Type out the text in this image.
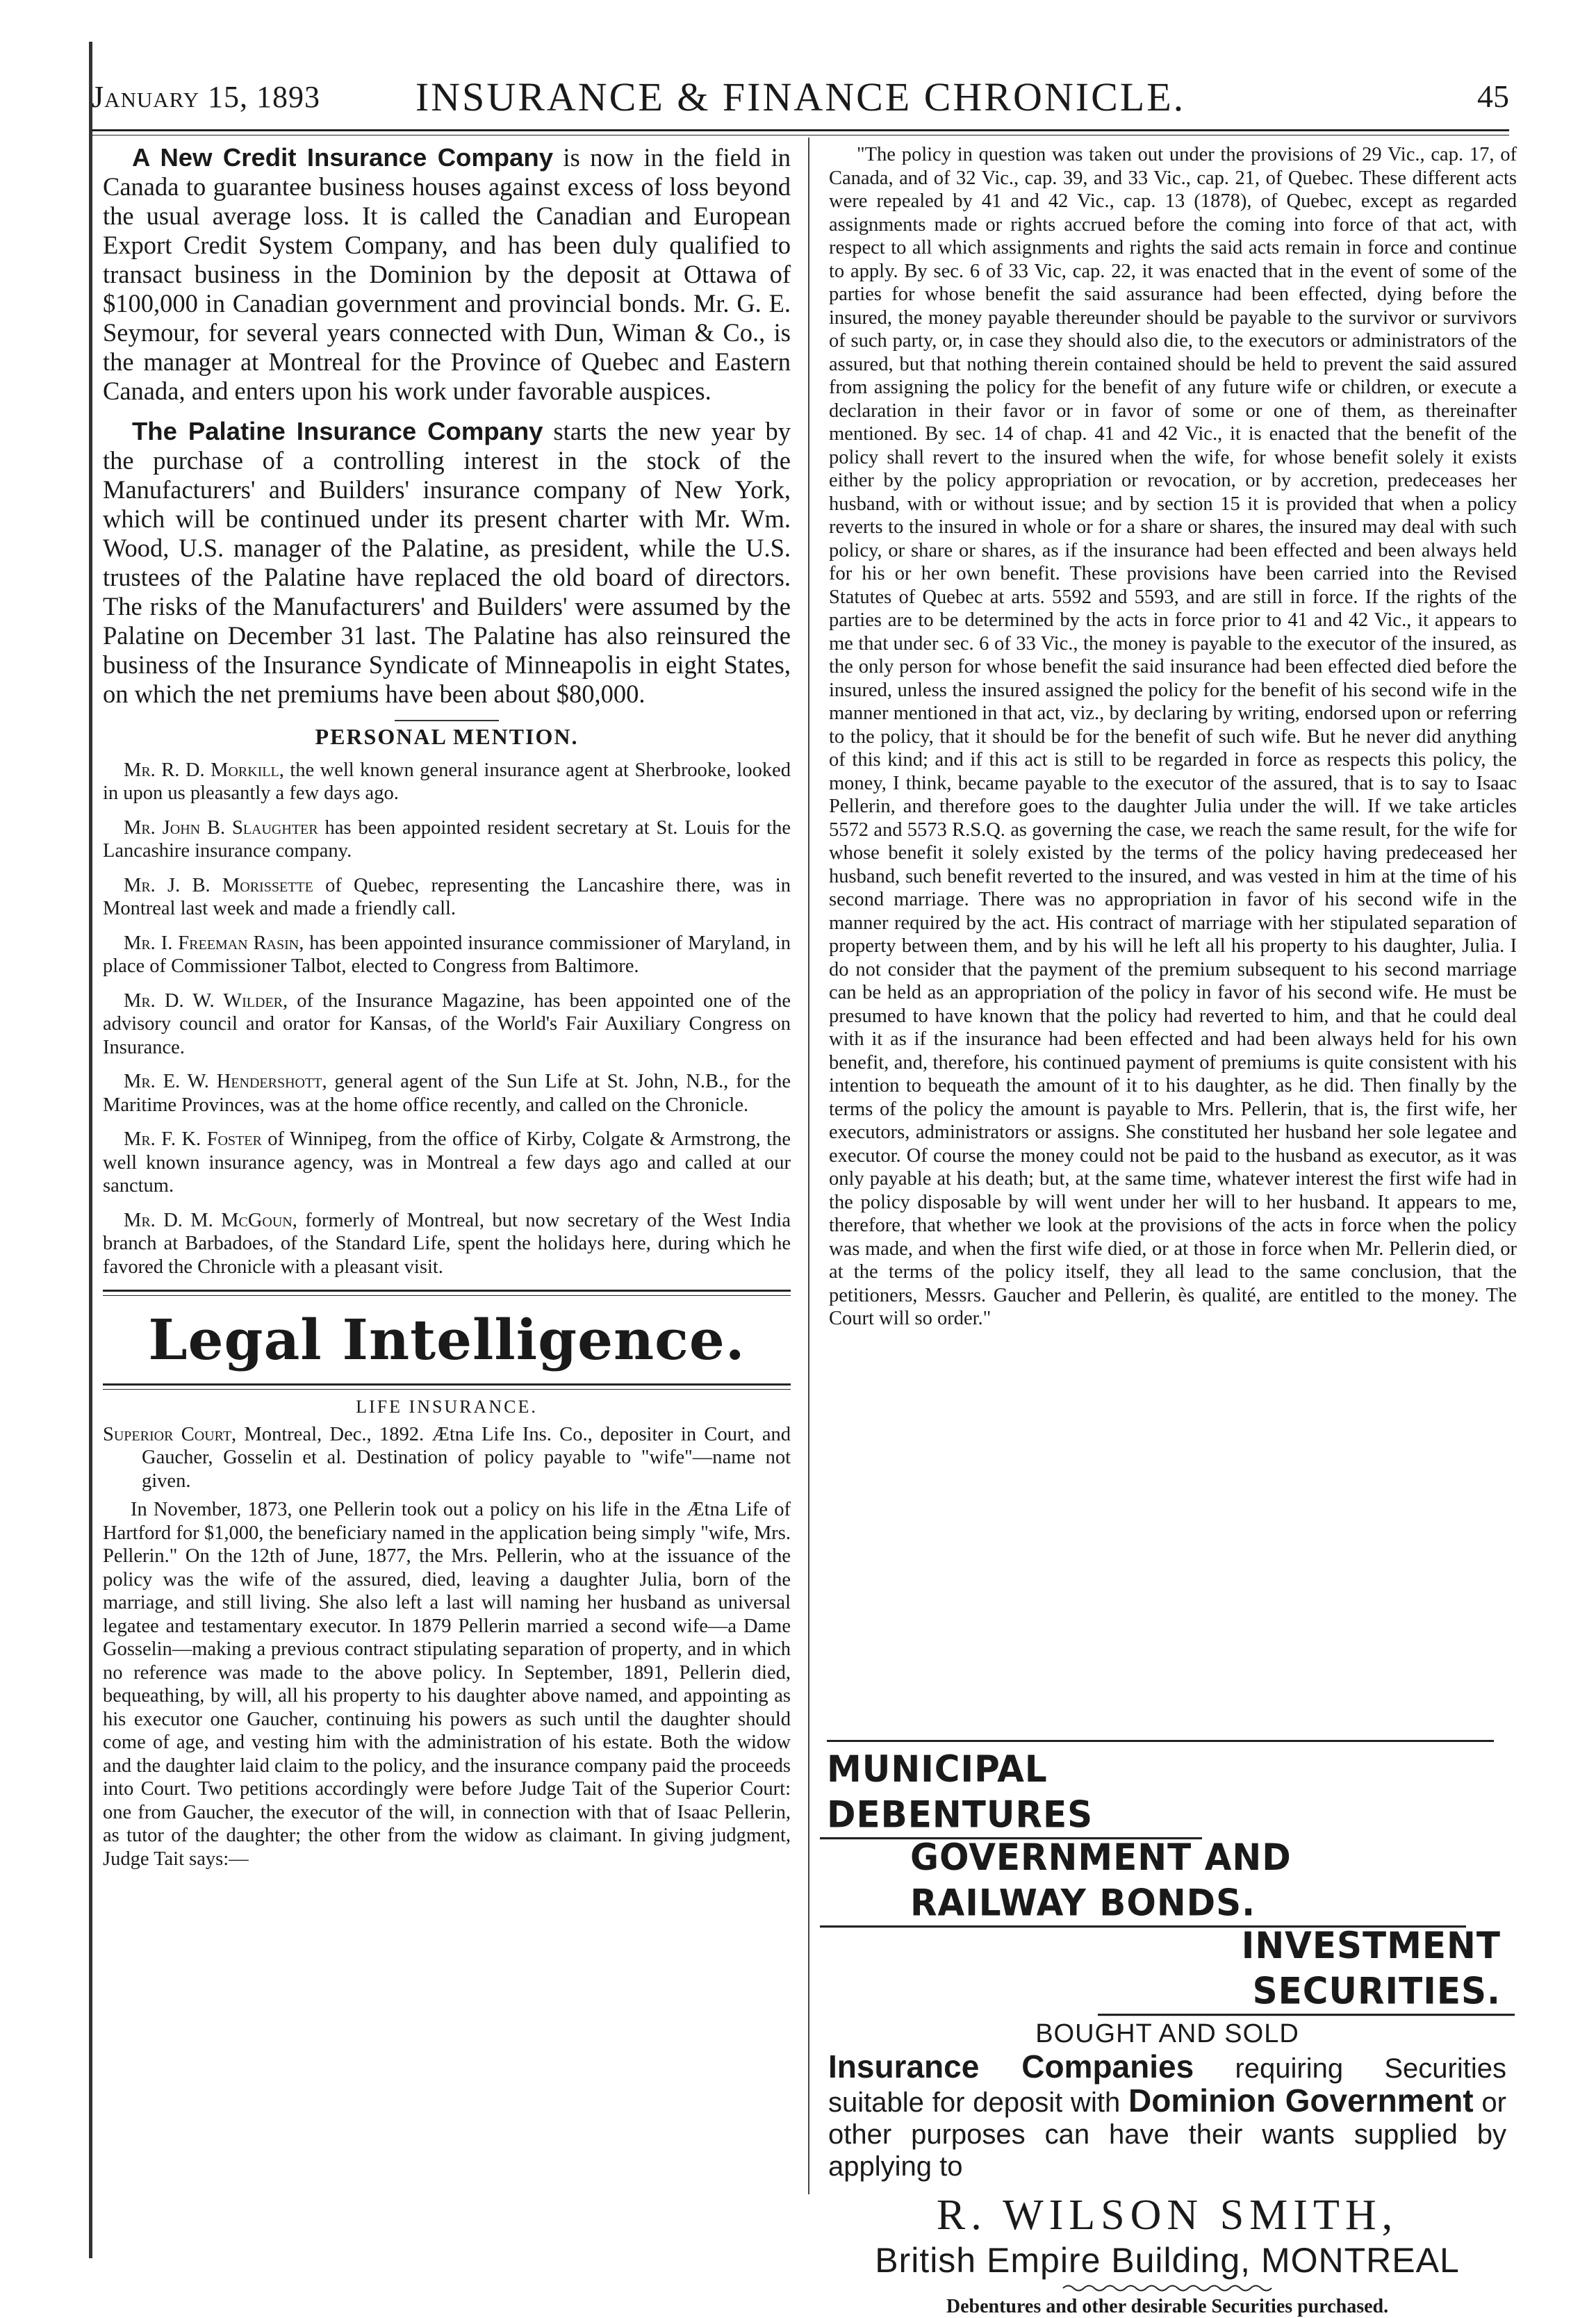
January 15, 1893	INSURANCE & FINANCE CHRONICLE.	45

A New Credit Insurance Company is now in the field in Canada to guarantee business houses against excess of loss beyond the usual average loss. It is called the Canadian and European Export Credit System Company, and has been duly qualified to transact business in the Dominion by the deposit at Ottawa of $100,000 in Canadian government and provincial bonds. Mr. G. E. Seymour, for several years connected with Dun, Wiman & Co., is the manager at Montreal for the Province of Quebec and Eastern Canada, and enters upon his work under favorable auspices.

The Palatine Insurance Company starts the new year by the purchase of a controlling interest in the stock of the Manufacturers' and Builders' insurance company of New York, which will be continued under its present charter with Mr. Wm. Wood, U.S. manager of the Palatine, as president, while the U.S. trustees of the Palatine have replaced the old board of directors. The risks of the Manufacturers' and Builders' were assumed by the Palatine on December 31 last. The Palatine has also reinsured the business of the Insurance Syndicate of Minneapolis in eight States, on which the net premiums have been about $80,000.

PERSONAL MENTION.

Mr. R. D. Morkill, the well known general insurance agent at Sherbrooke, looked in upon us pleasantly a few days ago.

Mr. John B. Slaughter has been appointed resident secretary at St. Louis for the Lancashire insurance company.

Mr. J. B. Morissette of Quebec, representing the Lancashire there, was in Montreal last week and made a friendly call.

Mr. I. Freeman Rasin, has been appointed insurance commissioner of Maryland, in place of Commissioner Talbot, elected to Congress from Baltimore.

Mr. D. W. Wilder, of the Insurance Magazine, has been appointed one of the advisory council and orator for Kansas, of the World's Fair Auxiliary Congress on Insurance.

Mr. E. W. Hendershott, general agent of the Sun Life at St. John, N.B., for the Maritime Provinces, was at the home office recently, and called on the Chronicle.

Mr. F. K. Foster of Winnipeg, from the office of Kirby, Colgate & Armstrong, the well known insurance agency, was in Montreal a few days ago and called at our sanctum.

Mr. D. M. McGoun, formerly of Montreal, but now secretary of the West India branch at Barbadoes, of the Standard Life, spent the holidays here, during which he favored the Chronicle with a pleasant visit.

Legal Intelligence.
LIFE INSURANCE.

Superior Court, Montreal, Dec., 1892. Ætna Life Ins. Co., depositer in Court, and Gaucher, Gosselin et al. Destination of policy payable to "wife"—name not given.

In November, 1873, one Pellerin took out a policy on his life in the Ætna Life of Hartford for $1,000, the beneficiary named in the application being simply "wife, Mrs. Pellerin." On the 12th of June, 1877, the Mrs. Pellerin, who at the issuance of the policy was the wife of the assured, died, leaving a daughter Julia, born of the marriage, and still living. She also left a last will naming her husband as universal legatee and testamentary executor. In 1879 Pellerin married a second wife—a Dame Gosselin—making a previous contract stipulating separation of property, and in which no reference was made to the above policy. In September, 1891, Pellerin died, bequeathing, by will, all his property to his daughter above named, and appointing as his executor one Gaucher, continuing his powers as such until the daughter should come of age, and vesting him with the administration of his estate. Both the widow and the daughter laid claim to the policy, and the insurance company paid the proceeds into Court. Two petitions accordingly were before Judge Tait of the Superior Court: one from Gaucher, the executor of the will, in connection with that of Isaac Pellerin, as tutor of the daughter; the other from the widow as claimant. In giving judgment, Judge Tait says:—

"The policy in question was taken out under the provisions of 29 Vic., cap. 17, of Canada, and of 32 Vic., cap. 39, and 33 Vic., cap. 21, of Quebec. These different acts were repealed by 41 and 42 Vic., cap. 13 (1878), of Quebec, except as regarded assignments made or rights accrued before the coming into force of that act, with respect to all which assignments and rights the said acts remain in force and continue to apply. By sec. 6 of 33 Vic, cap. 22, it was enacted that in the event of some of the parties for whose benefit the said assurance had been effected, dying before the insured, the money payable thereunder should be payable to the survivor or survivors of such party, or, in case they should also die, to the executors or administrators of the assured, but that nothing therein contained should be held to prevent the said assured from assigning the policy for the benefit of any future wife or children, or execute a declaration in their favor or in favor of some or one of them, as thereinafter mentioned. By sec. 14 of chap. 41 and 42 Vic., it is enacted that the benefit of the policy shall revert to the insured when the wife, for whose benefit solely it exists either by the policy appropriation or revocation, or by accretion, predeceases her husband, with or without issue; and by section 15 it is provided that when a policy reverts to the insured in whole or for a share or shares, the insured may deal with such policy, or share or shares, as if the insurance had been effected and been always held for his or her own benefit. These provisions have been carried into the Revised Statutes of Quebec at arts. 5592 and 5593, and are still in force. If the rights of the parties are to be determined by the acts in force prior to 41 and 42 Vic., it appears to me that under sec. 6 of 33 Vic., the money is payable to the executor of the insured, as the only person for whose benefit the said insurance had been effected died before the insured, unless the insured assigned the policy for the benefit of his second wife in the manner mentioned in that act, viz., by declaring by writing, endorsed upon or referring to the policy, that it should be for the benefit of such wife. But he never did anything of this kind; and if this act is still to be regarded in force as respects this policy, the money, I think, became payable to the executor of the assured, that is to say to Isaac Pellerin, and therefore goes to the daughter Julia under the will. If we take articles 5572 and 5573 R.S.Q. as governing the case, we reach the same result, for the wife for whose benefit it solely existed by the terms of the policy having predeceased her husband, such benefit reverted to the insured, and was vested in him at the time of his second marriage. There was no appropriation in favor of his second wife in the manner required by the act. His contract of marriage with her stipulated separation of property between them, and by his will he left all his property to his daughter, Julia. I do not consider that the payment of the premium subsequent to his second marriage can be held as an appropriation of the policy in favor of his second wife. He must be presumed to have known that the policy had reverted to him, and that he could deal with it as if the insurance had been effected and had been always held for his own benefit, and, therefore, his continued payment of premiums is quite consistent with his intention to bequeath the amount of it to his daughter, as he did. Then finally by the terms of the policy the amount is payable to Mrs. Pellerin, that is, the first wife, her executors, administrators or assigns. She constituted her husband her sole legatee and executor. Of course the money could not be paid to the husband as executor, as it was only payable at his death; but, at the same time, whatever interest the first wife had in the policy disposable by will went under her will to her husband. It appears to me, therefore, that whether we look at the provisions of the acts in force when the policy was made, and when the first wife died, or at those in force when Mr. Pellerin died, or at the terms of the policy itself, they all lead to the same conclusion, that the petitioners, Messrs. Gaucher and Pellerin, ès qualité, are entitled to the money. The Court will so order."

MUNICIPAL DEBENTURES
GOVERNMENT AND RAILWAY BONDS.
INVESTMENT SECURITIES.
BOUGHT AND SOLD
Insurance Companies requiring Securities suitable for deposit with Dominion Government or other purposes can have their wants supplied by applying to
R. WILSON SMITH,
British Empire Building, MONTREAL
Debentures and other desirable Securities purchased.
